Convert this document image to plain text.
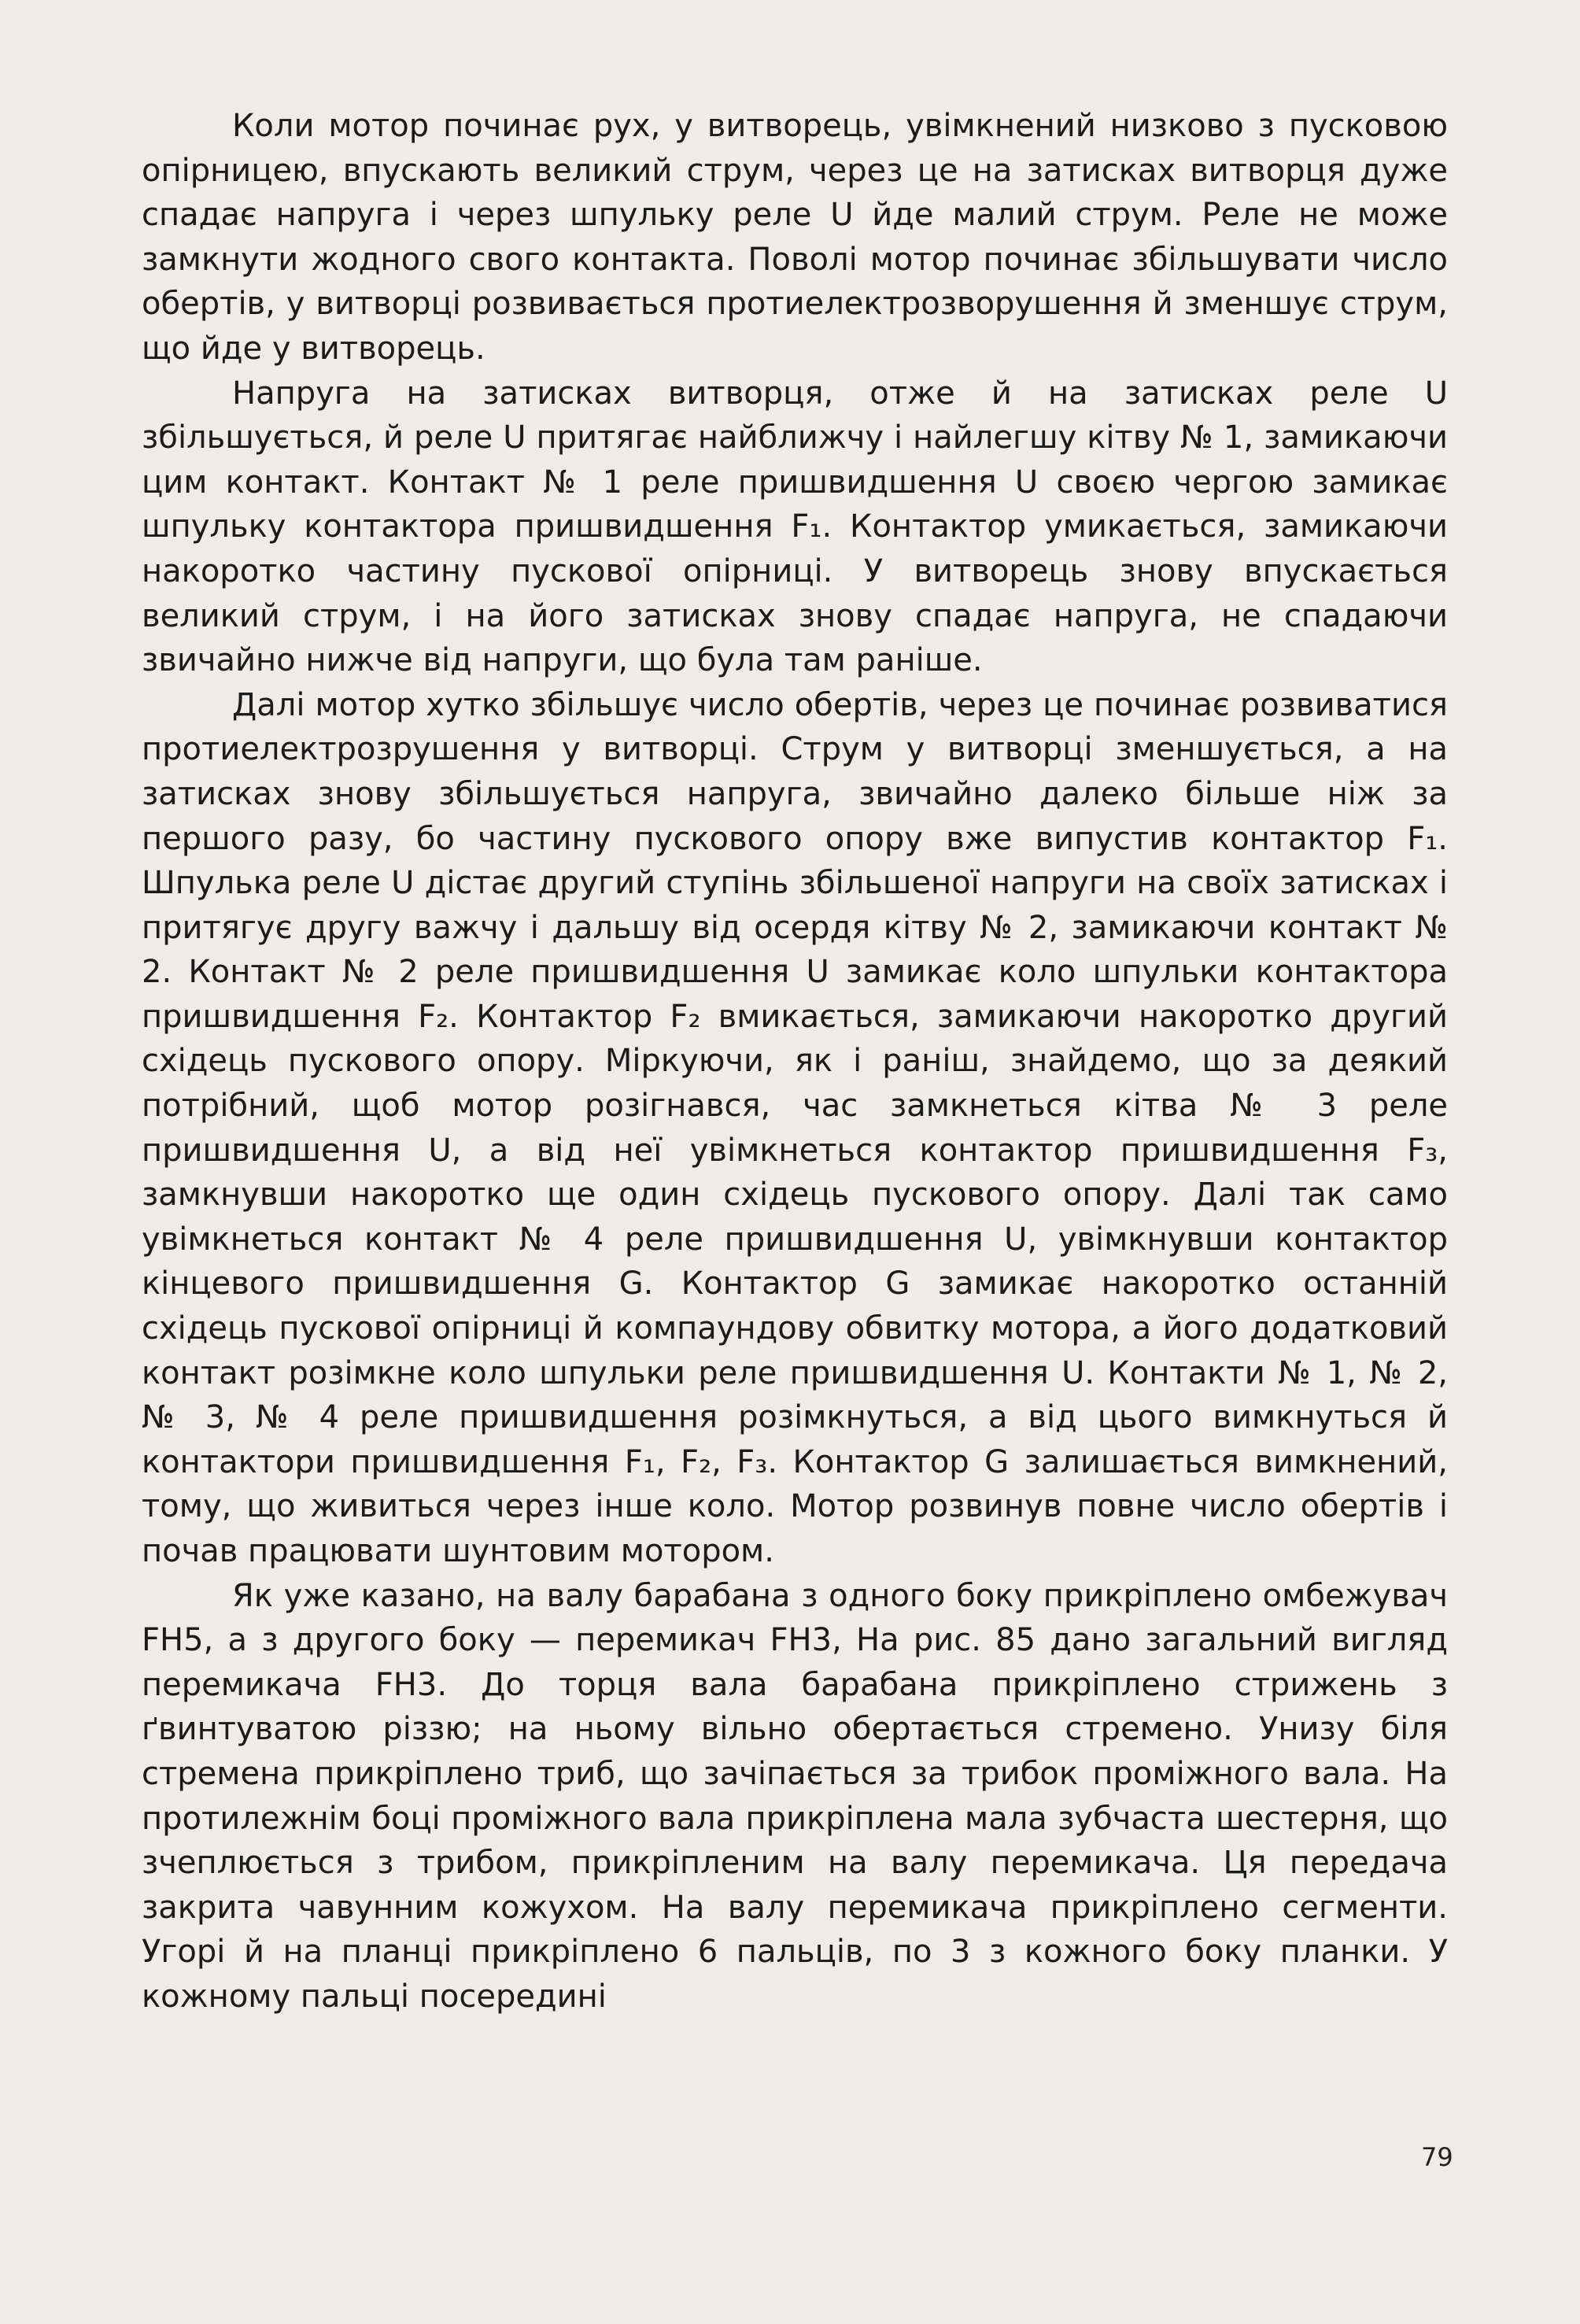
Коли мотор починає рух, у витворець, увімкнений низково з пусковою опірницею, впускають великий струм, через це на затисках витворця дуже спадає напруга і через шпульку реле U йде малий струм. Реле не може замкнути жодного свого контакта. Поволі мотор починає збільшувати число обертів, у витворці розвивається протиелектрозворушення й зменшує струм, що йде у витворець.

Напруга на затисках витворця, отже й на затисках реле U збільшується, й реле U притягає найближчу і найлегшу кітву № 1, замикаючи цим контакт. Контакт № 1 реле пришвидшення U своєю чергою замикає шпульку контактора пришвидшення F₁. Контактор умикається, замикаючи накоротко частину пускової опірниці. У витворець знову впускається великий струм, і на його затисках знову спадає напруга, не спадаючи звичайно нижче від напруги, що була там раніше.

Далі мотор хутко збільшує число обертів, через це починає розвиватися протиелектрозрушення у витворці. Струм у витворці зменшується, а на затисках знову збільшується напруга, звичайно далеко більше ніж за першого разу, бо частину пускового опору вже випустив контактор F₁. Шпулька реле U дістає другий ступінь збільшеної напруги на своїх затисках і притягує другу важчу і дальшу від осердя кітву № 2, замикаючи контакт № 2. Контакт № 2 реле пришвидшення U замикає коло шпульки контактора пришвидшення F₂. Контактор F₂ вмикається, замикаючи накоротко другий східець пускового опору. Міркуючи, як і раніш, знайдемо, що за деякий потрібний, щоб мотор розігнався, час замкнеться кітва № 3 реле пришвидшення U, а від неї увімкнеться контактор пришвидшення F₃, замкнувши накоротко ще один східець пускового опору. Далі так само увімкнеться контакт № 4 реле пришвидшення U, увімкнувши контактор кінцевого пришвидшення G. Контактор G замикає накоротко останній східець пускової опірниці й компаундову обвитку мотора, а його додатковий контакт розімкне коло шпульки реле пришвидшення U. Контакти № 1, № 2, № 3, № 4 реле пришвидшення розімкнуться, а від цього вимкнуться й контактори пришвидшення F₁, F₂, F₃. Контактор G залишається вимкнений, тому, що живиться через інше коло. Мотор розвинув повне число обертів і почав працювати шунтовим мотором.

Як уже казано, на валу барабана з одного боку прикріплено омбежувач FH5, а з другого боку — перемикач FH3, На рис. 85 дано загальний вигляд перемикача FH3. До торця вала барабана прикріплено стрижень з ґвинтуватою різзю; на ньому вільно обертається стремено. Унизу біля стремена прикріплено триб, що зачіпається за трибок проміжного вала. На протилежнім боці проміжного вала прикріплена мала зубчаста шестерня, що зчеплюється з трибом, прикріпленим на валу перемикача. Ця передача закрита чавунним кожухом. На валу перемикача прикріплено сегменти. Угорі й на планці прикріплено 6 пальців, по 3 з кожного боку планки. У кожному пальці посередині

79
